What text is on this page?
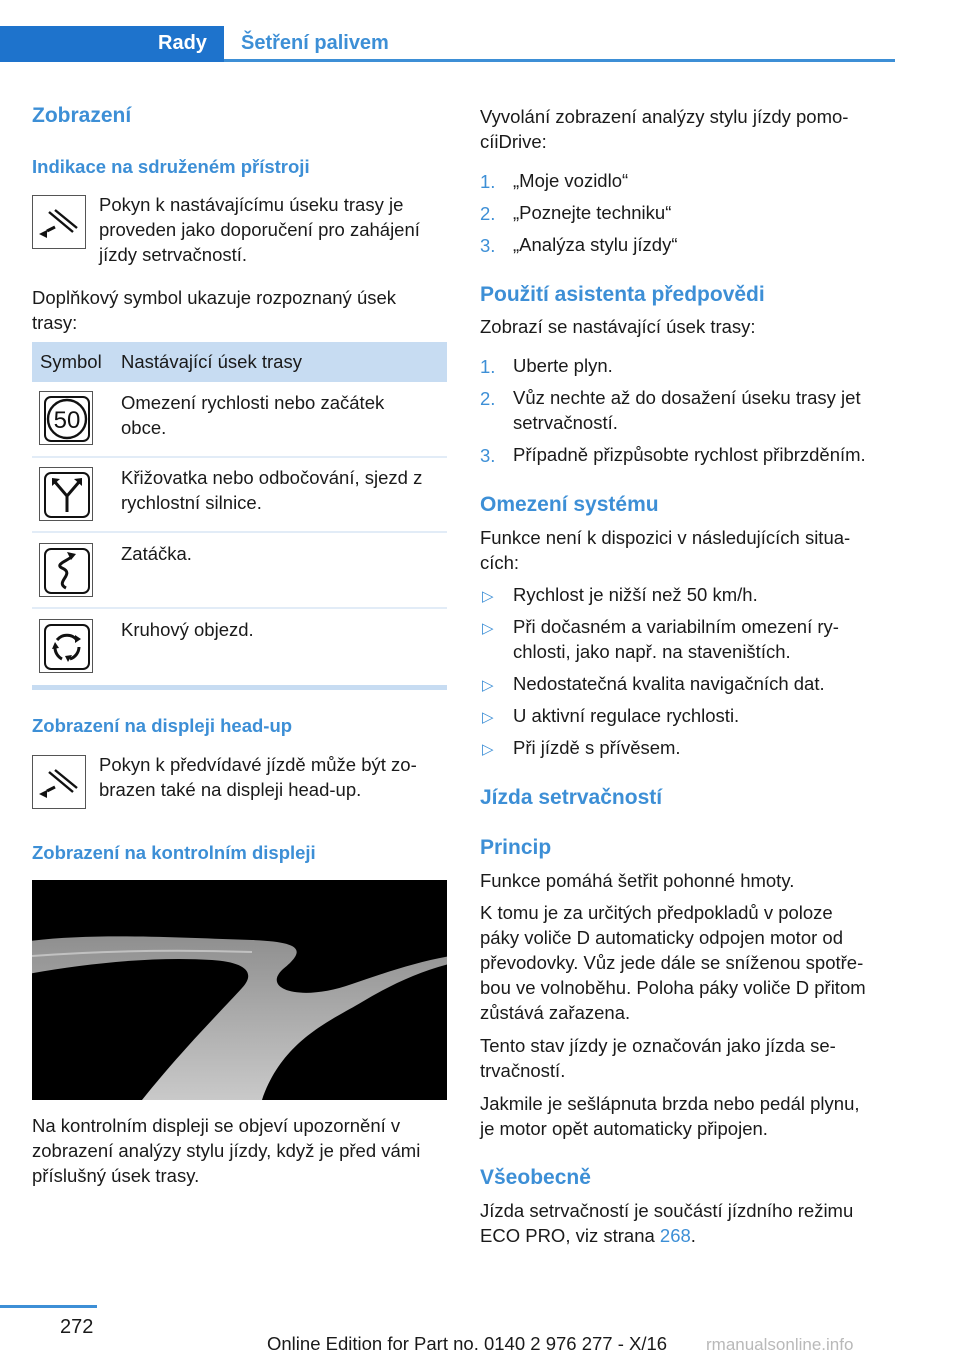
Rady Šetření palivem
Zobrazení
Indikace na sdruženém přístroji
Pokyn k nastávajícímu úseku trasy je
proveden jako doporučení pro zahájení
jízdy setrvačností.
Doplňkový symbol ukazuje rozpoznaný úsek
trasy:
Symbol Nastávající úsek trasy
50
Omezení rychlosti nebo začátek
obce.
Křižovatka nebo odbočování, sjezd z
rychlostní silnice.
Zatáčka.
Kruhový objezd.
Zobrazení na displeji head-up
Pokyn k předvídavé jízdě může být zo-
brazen také na displeji head-up.
Zobrazení na kontrolním displeji
Na kontrolním displeji se objeví upozornění v
zobrazení analýzy stylu jízdy, když je před vámi
příslušný úsek trasy.
Vyvolání zobrazení analýzy stylu jízdy pomo-
cíiDrive:
1. „Moje vozidlo“
2. „Poznejte techniku“
3. „Analýza stylu jízdy“
Použití asistenta předpovědi
Zobrazí se nastávající úsek trasy:
1. Uberte plyn.
2. Vůz nechte až do dosažení úseku trasy jet
setrvačností.
3. Případně přizpůsobte rychlost přibrzděním.
Omezení systému
Funkce není k dispozici v následujících situa-
cích:
▷ Rychlost je nižší než 50 km/h.
▷ Při dočasném a variabilním omezení ry-
chlosti, jako např. na staveništích.
▷ Nedostatečná kvalita navigačních dat.
▷ U aktivní regulace rychlosti.
▷ Při jízdě s přívěsem.
Jízda setrvačností
Princip
Funkce pomáhá šetřit pohonné hmoty.
K tomu je za určitých předpokladů v poloze
páky voliče D automaticky odpojen motor od
převodovky. Vůz jede dále se sníženou spotře-
bou ve volnoběhu. Poloha páky voliče D přitom
zůstává zařazena.
Tento stav jízdy je označován jako jízda se-
trvačností.
Jakmile je sešlápnuta brzda nebo pedál plynu,
je motor opět automaticky připojen.
Všeobecně
Jízda setrvačností je součástí jízdního režimu
ECO PRO, viz strana 268.
272
Online Edition for Part no. 0140 2 976 277 - X/16 rmanualsonline.info
